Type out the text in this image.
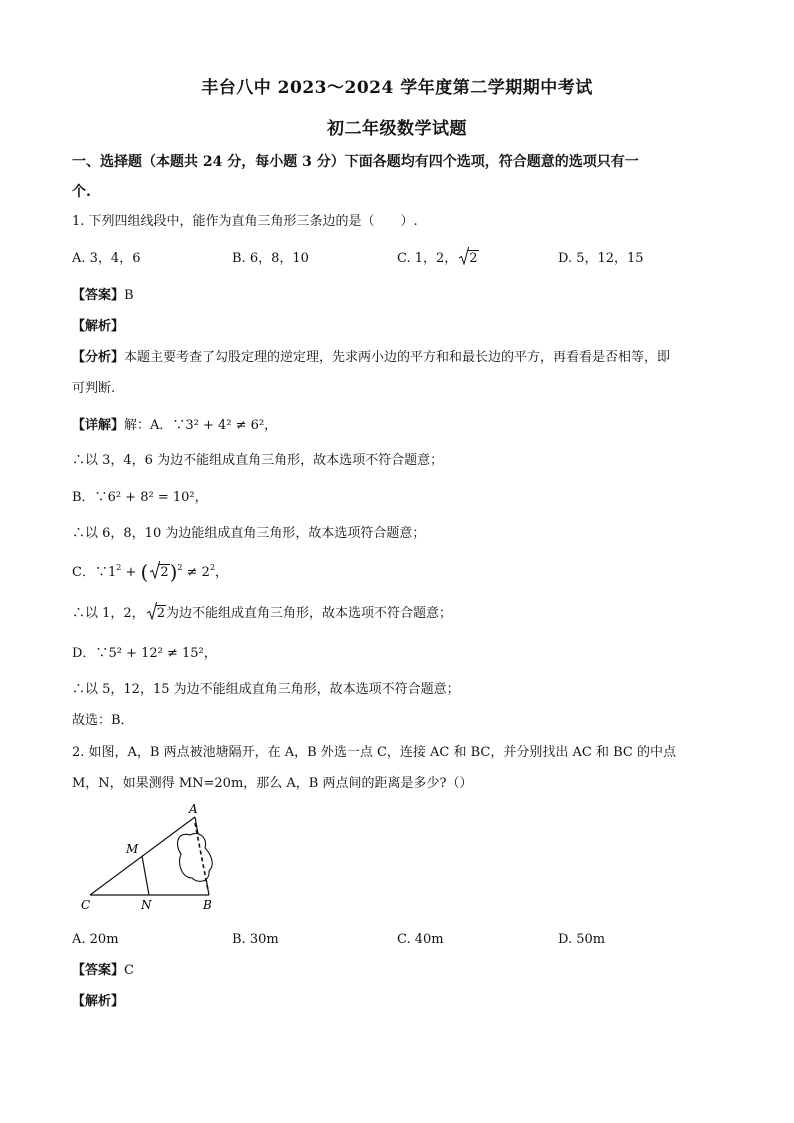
丰台八中 2023～2024 学年度第二学期期中考试
初二年级数学试题
一、选择题（本题共 24 分，每小题 3 分）下面各题均有四个选项，符合题意的选项只有一
个.
1. 下列四组线段中，能作为直角三角形三条边的是（　　）.
A. 3，4，6	B. 6，8，10	C. 1，2， 2	D. 5，12，15
【答案】B
【解析】
【分析】本题主要考查了勾股定理的逆定理，先求两小边的平方和和最长边的平方，再看看是否相等，即
可判断.
【详解】解：A．∵3² + 4² ≠ 6²，
∴以 3，4，6 为边不能组成直角三角形，故本选项不符合题意；
B．∵6² + 8² = 10²，
∴以 6，8，10 为边能组成直角三角形，故本选项符合题意；
C．$\because 1^2$ + ( $2)^2 \ne 2^2$，
∴以 1，2， 2为边不能组成直角三角形，故本选项不符合题意；
D．∵5² + 12² ≠ 15²，
∴以 5，12，15 为边不能组成直角三角形，故本选项不符合题意；
故选：B．
2. 如图，A，B 两点被池塘隔开，在 A，B 外选一点 C，连接 AC 和 BC，并分别找出 AC 和 BC 的中点
M，N，如果测得 MN=20m，那么 A，B 两点间的距离是多少?（）
A
M
C	N	B
A. 20m	B. 30m	C. 40m	D. 50m
【答案】C
【解析】
